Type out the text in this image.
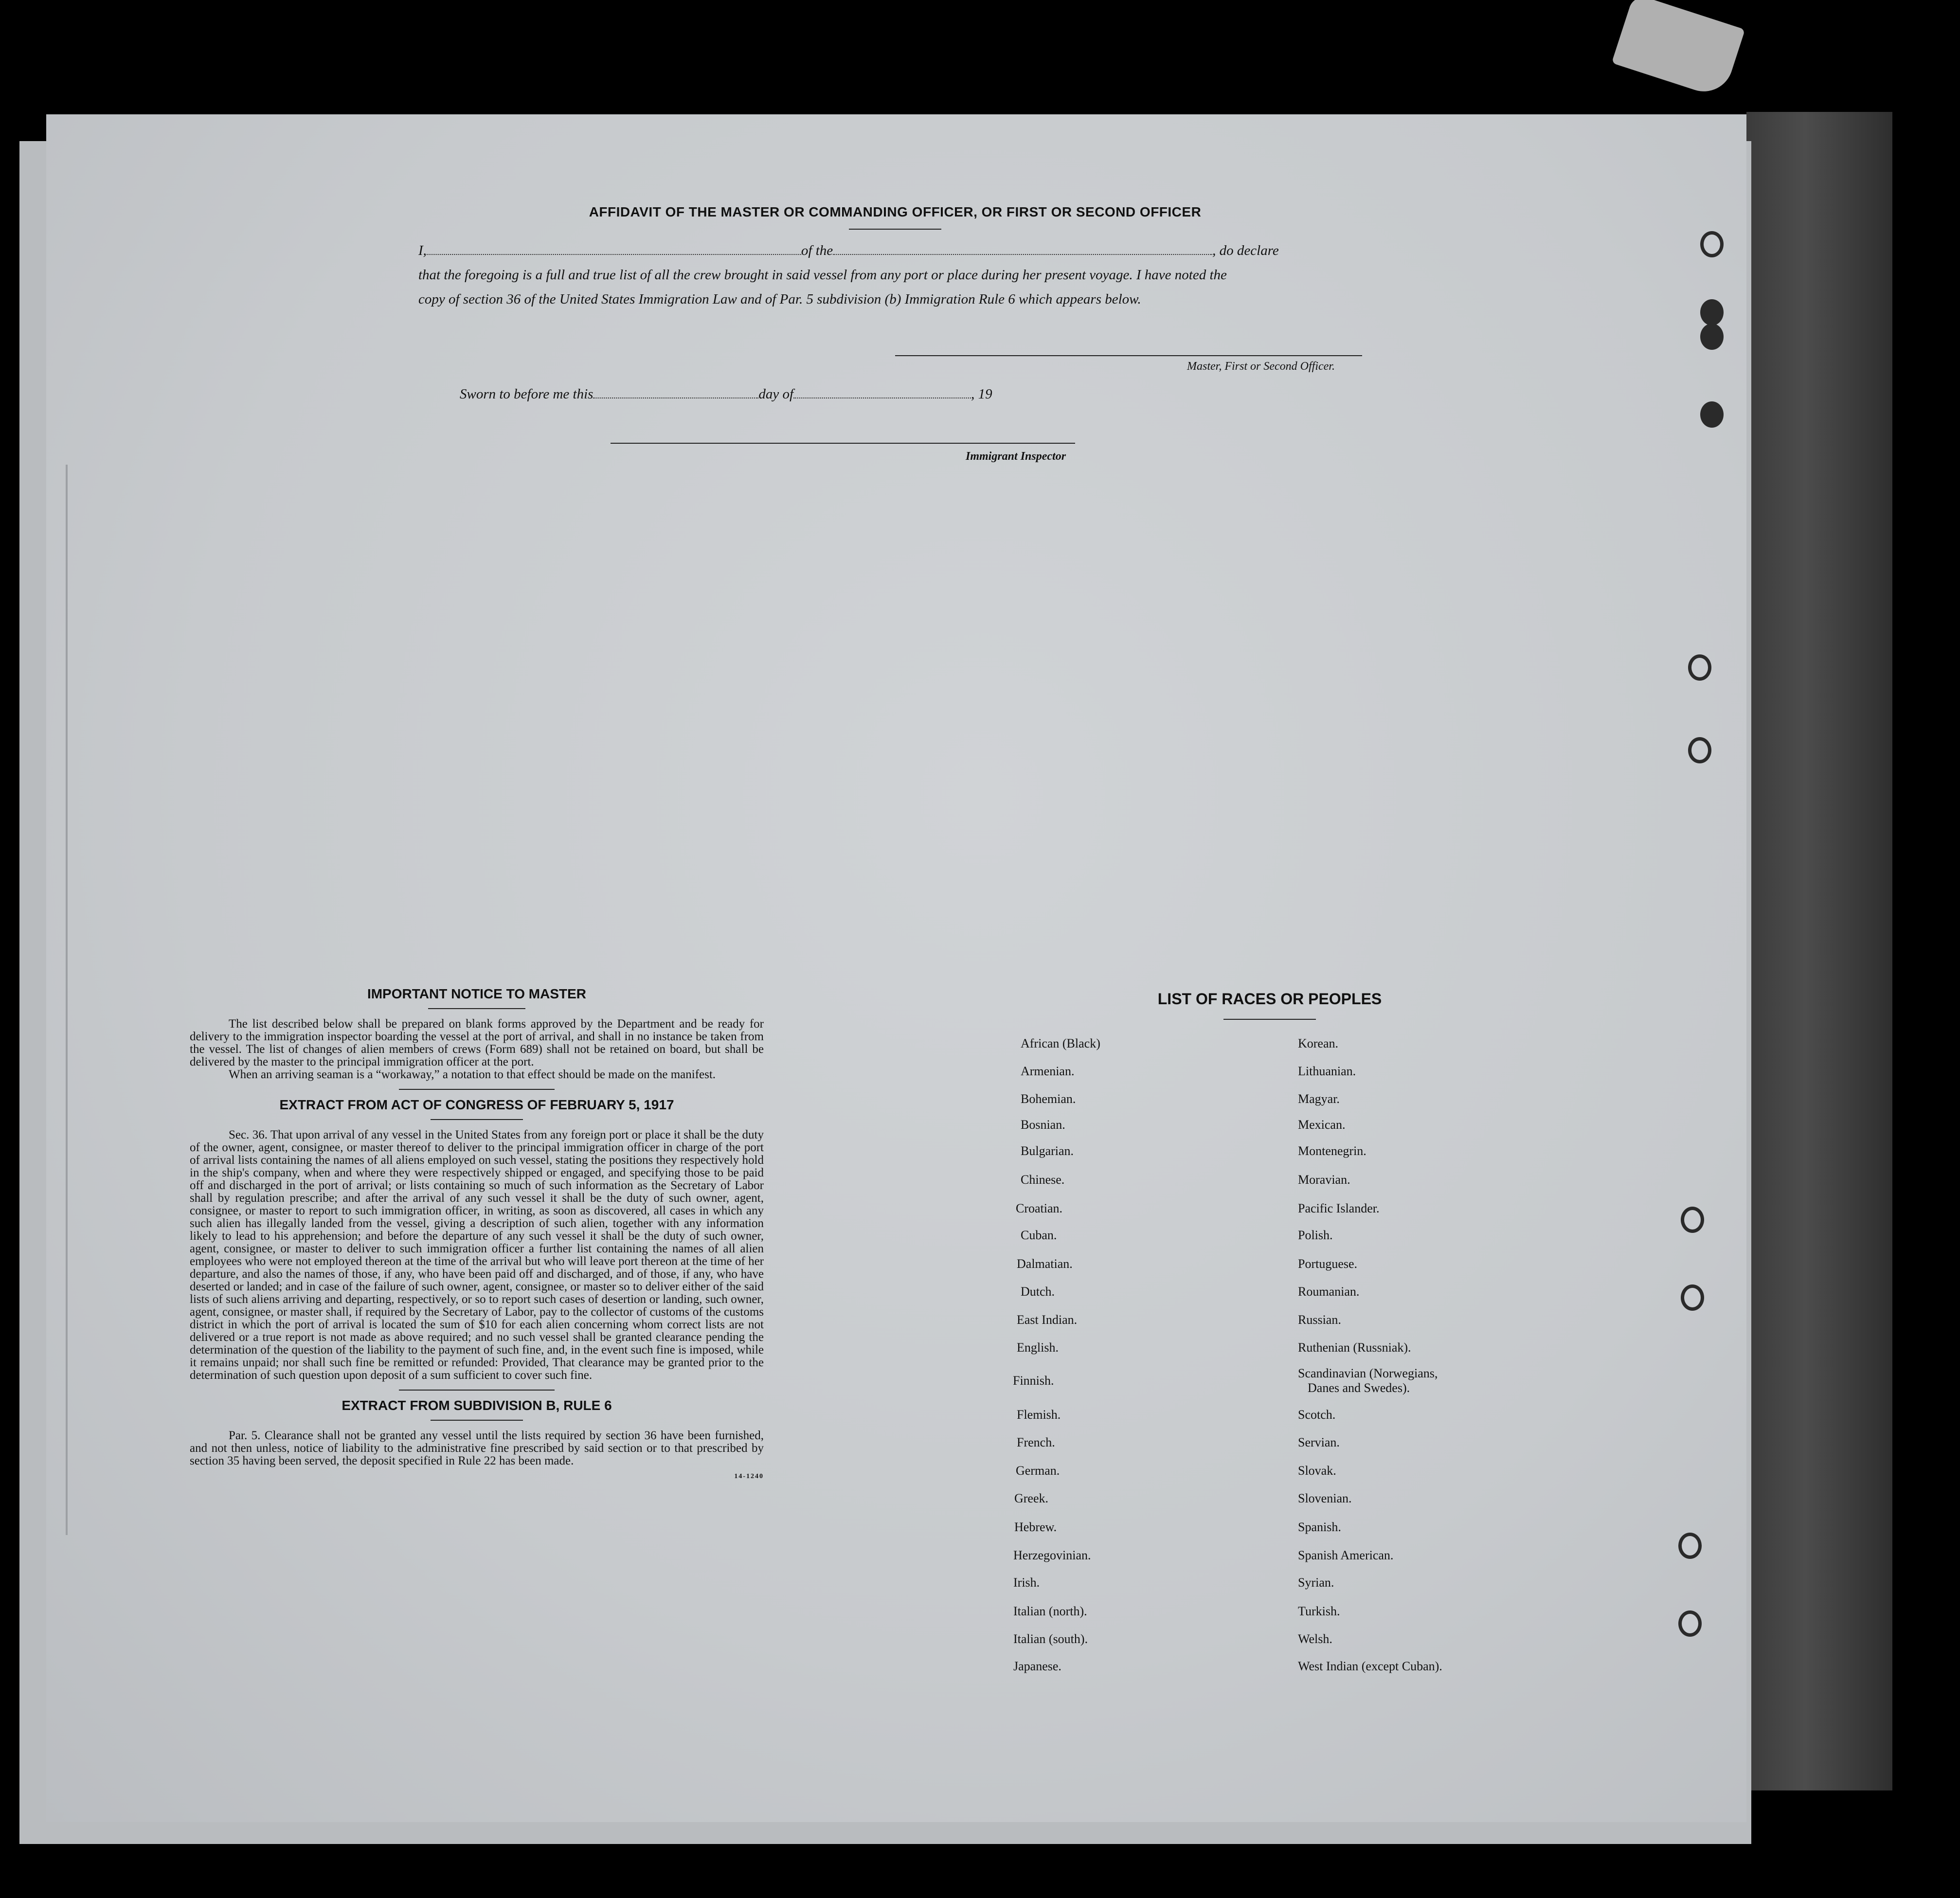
AFFIDAVIT OF THE MASTER OR COMMANDING OFFICER, OR FIRST OR SECOND OFFICER
I,	of the	, do declare
that the foregoing is a full and true list of all the crew brought in said vessel from any port or place during her present voyage. I have noted the
copy of section 36 of the United States Immigration Law and of Par. 5 subdivision (b) Immigration Rule 6 which appears below.
Master, First or Second Officer.
Sworn to before me this	day of	, 19
Immigrant Inspector
IMPORTANT NOTICE TO MASTER

The list described below shall be prepared on blank forms approved by the Department and be ready for delivery to the immigration inspector boarding the vessel at the port of arrival, and shall in no instance be taken from the vessel. The list of changes of alien members of crews (Form 689) shall not be retained on board, but shall be delivered by the master to the principal immigration officer at the port.

When an arriving seaman is a “workaway,” a notation to that effect should be made on the manifest.

EXTRACT FROM ACT OF CONGRESS OF FEBRUARY 5, 1917

Sec. 36. That upon arrival of any vessel in the United States from any foreign port or place it shall be the duty of the owner, agent, consignee, or master thereof to deliver to the principal immigration officer in charge of the port of arrival lists containing the names of all aliens employed on such vessel, stating the positions they respectively hold in the ship's company, when and where they were respectively shipped or engaged, and specifying those to be paid off and discharged in the port of arrival; or lists containing so much of such information as the Secretary of Labor shall by regulation prescribe; and after the arrival of any such vessel it shall be the duty of such owner, agent, consignee, or master to report to such immigration officer, in writing, as soon as discovered, all cases in which any such alien has illegally landed from the vessel, giving a description of such alien, together with any information likely to lead to his apprehension; and before the departure of any such vessel it shall be the duty of such owner, agent, consignee, or master to deliver to such immigration officer a further list containing the names of all alien employees who were not employed thereon at the time of the arrival but who will leave port thereon at the time of her departure, and also the names of those, if any, who have been paid off and discharged, and of those, if any, who have deserted or landed; and in case of the failure of such owner, agent, consignee, or master so to deliver either of the said lists of such aliens arriving and departing, respectively, or so to report such cases of desertion or landing, such owner, agent, consignee, or master shall, if required by the Secretary of Labor, pay to the collector of customs of the customs district in which the port of arrival is located the sum of $10 for each alien concerning whom correct lists are not delivered or a true report is not made as above required; and no such vessel shall be granted clearance pending the determination of the question of the liability to the payment of such fine, and, in the event such fine is imposed, while it remains unpaid; nor shall such fine be remitted or refunded: Provided, That clearance may be granted prior to the determination of such question upon deposit of a sum sufficient to cover such fine.

EXTRACT FROM SUBDIVISION B, RULE 6

Par. 5. Clearance shall not be granted any vessel until the lists required by section 36 have been furnished, and not then unless, notice of liability to the administrative fine prescribed by said section or to that prescribed by section 35 having been served, the deposit specified in Rule 22 has been made.

14-1240
LIST OF RACES OR PEOPLES
African (Black)
Armenian.
Bohemian.
Bosnian.
Bulgarian.
Chinese.
Croatian.
Cuban.
Dalmatian.
Dutch.
East Indian.
English.
Finnish.
Flemish.
French.
German.
Greek.
Hebrew.
Herzegovinian.
Irish.
Italian (north).
Italian (south).
Japanese.
Korean.
Lithuanian.
Magyar.
Mexican.
Montenegrin.
Moravian.
Pacific Islander.
Polish.
Portuguese.
Roumanian.
Russian.
Ruthenian (Russniak).
Scandinavian (Norwegians,
Danes and Swedes).
Scotch.
Servian.
Slovak.
Slovenian.
Spanish.
Spanish American.
Syrian.
Turkish.
Welsh.
West Indian (except Cuban).
